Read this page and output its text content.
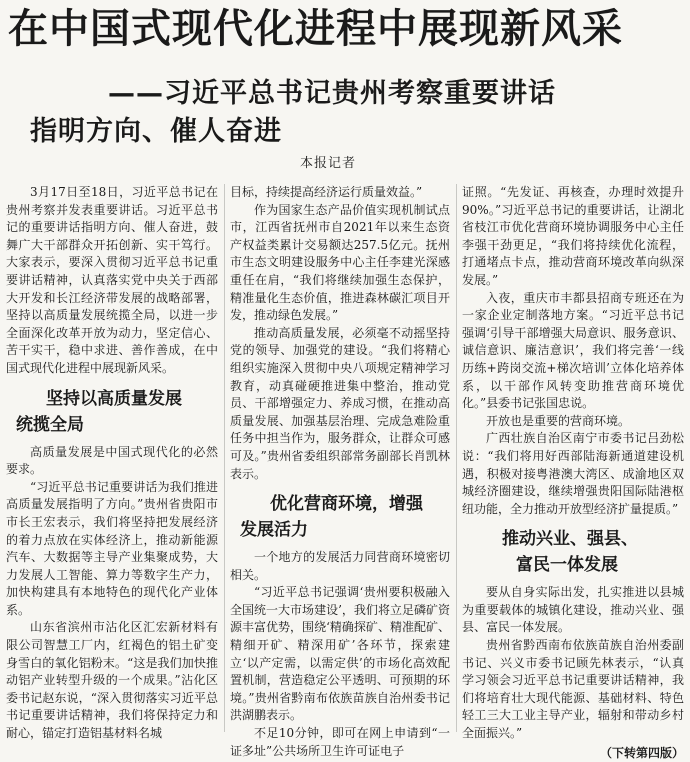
在中国式现代化进程中展现新风采
——习近平总书记贵州考察重要讲话
指明方向、催人奋进
本报记者

3月17日至18日，习近平总书记在贵州考察并发表重要讲话。习近平总书记的重要讲话指明方向、催人奋进，鼓舞广大干部群众开拓创新、实干笃行。大家表示，要深入贯彻习近平总书记重要讲话精神，认真落实党中央关于西部大开发和长江经济带发展的战略部署，坚持以高质量发展统揽全局，以进一步全面深化改革开放为动力，坚定信心、苦干实干，稳中求进、善作善成，在中国式现代化进程中展现新风采。

坚持以高质量发展
统揽全局

高质量发展是中国式现代化的必然要求。

“习近平总书记重要讲话为我们推进高质量发展指明了方向。”贵州省贵阳市市长王宏表示，我们将坚持把发展经济的着力点放在实体经济上，推动新能源汽车、大数据等主导产业集聚成势，大力发展人工智能、算力等数字生产力，加快构建具有本地特色的现代化产业体系。

山东省滨州市沾化区汇宏新材料有限公司智慧工厂内，红褐色的铝土矿变身雪白的氧化铝粉末。“这是我们加快推动铝产业转型升级的一个成果。”沾化区委书记赵东说，“深入贯彻落实习近平总书记重要讲话精神，我们将保持定力和耐心，锚定打造铝基材料名城

目标，持续提高经济运行质量效益。”

作为国家生态产品价值实现机制试点市，江西省抚州市自2021年以来生态资产权益类累计交易额达257.5亿元。抚州市生态文明建设服务中心主任李建光深感重任在肩，“我们将继续加强生态保护，精准量化生态价值，推进森林碳汇项目开发，推动绿色发展。”

推动高质量发展，必须毫不动摇坚持党的领导、加强党的建设。“我们将精心组织实施深入贯彻中央八项规定精神学习教育，动真碰硬推进集中整治，推动党员、干部增强定力、养成习惯，在推动高质量发展、加强基层治理、完成急难险重任务中担当作为，服务群众，让群众可感可及。”贵州省委组织部常务副部长肖凯林表示。

优化营商环境，增强
发展活力

一个地方的发展活力同营商环境密切相关。

“习近平总书记强调‘贵州要积极融入全国统一大市场建设’，我们将立足磷矿资源丰富优势，围绕‘精确探矿、精准配矿、精细开矿、精深用矿’各环节，探索建立‘以产定需，以需定供’的市场化高效配置机制，营造稳定公平透明、可预期的环境。”贵州省黔南布依族苗族自治州委书记洪湖鹏表示。

不足10分钟，即可在网上申请到“一证多址”公共场所卫生许可证电子

证照。“先发证、再核查，办理时效提升90%。”习近平总书记的重要讲话，让湖北省枝江市优化营商环境协调服务中心主任李强干劲更足，“我们将持续优化流程，打通堵点卡点，推动营商环境改革向纵深发展。”

入夜，重庆市丰都县招商专班还在为一家企业定制落地方案。“习近平总书记强调‘引导干部增强大局意识、服务意识、诚信意识、廉洁意识’，我们将完善‘一线历练+跨岗交流+梯次培训’立体化培养体系，以干部作风转变助推营商环境优化。”县委书记张国忠说。

开放也是重要的营商环境。

广西壮族自治区南宁市委书记吕劲松说：“我们将用好西部陆海新通道建设机遇，积极对接粤港澳大湾区、成渝地区双城经济圈建设，继续增强贵阳国际陆港枢纽功能，全力推动开放型经济扩量提质。”

推动兴业、强县、
富民一体发展

要从自身实际出发，扎实推进以县城为重要载体的城镇化建设，推动兴业、强县、富民一体发展。

贵州省黔西南布依族苗族自治州委副书记、兴义市委书记顾先林表示，“认真学习领会习近平总书记重要讲话精神，我们将培育壮大现代能源、基础材料、特色轻工三大工业主导产业，辐射和带动乡村全面振兴。”

（下转第四版）
